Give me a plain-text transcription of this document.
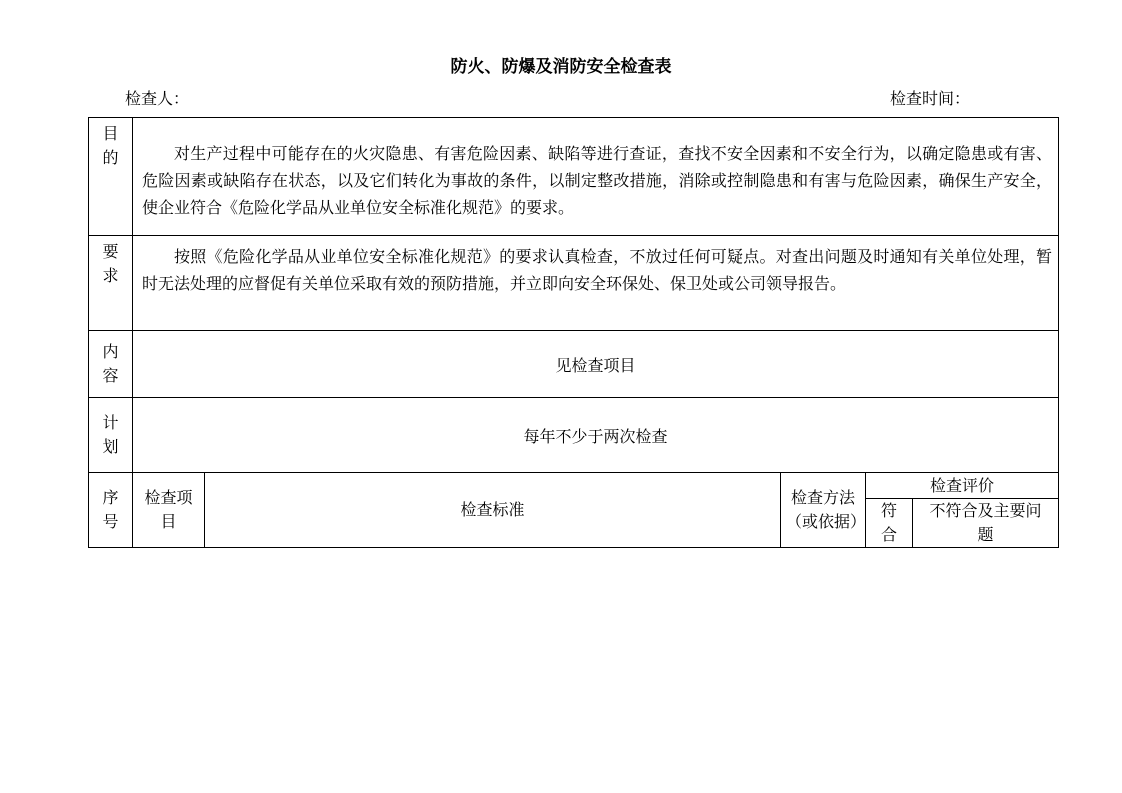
防火、防爆及消防安全检查表
检查人：	检查时间：
目的	对生产过程中可能存在的火灾隐患、有害危险因素、缺陷等进行查证，查找不安全因素和不安全行为，以确定隐患或有害、危险因素或缺陷存在状态，以及它们转化为事故的条件，以制定整改措施，消除或控制隐患和有害与危险因素，确保生产安全，使企业符合《危险化学品从业单位安全标准化规范》的要求。				
要求	按照《危险化学品从业单位安全标准化规范》的要求认真检查，不放过任何可疑点。对查出问题及时通知有关单位处理，暂时无法处理的应督促有关单位采取有效的预防措施，并立即向安全环保处、保卫处或公司领导报告。				
内容	见检查项目				
计划	每年不少于两次检查				
序号	检查项目	检查标准	检查方法（或依据）	检查评价	
				符合	不符合及主要问题
